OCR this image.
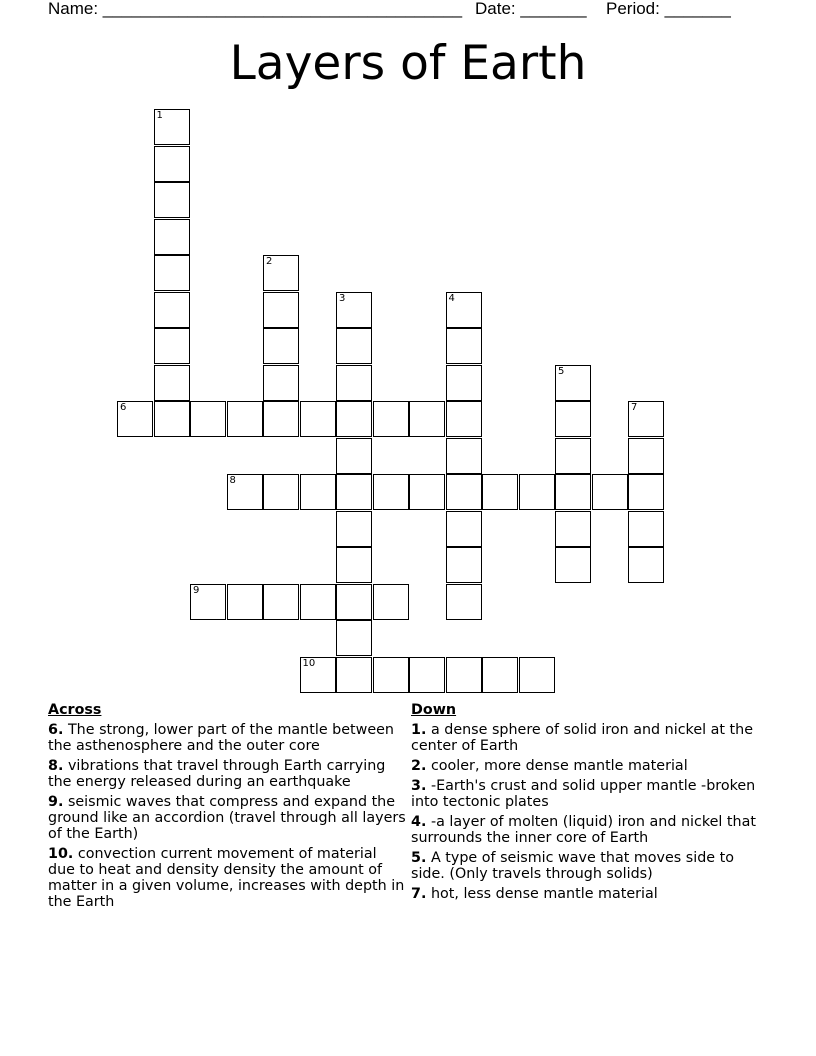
Name: ______________________________________ Date: _______ Period: _______
Layers of Earth
1
2
3	4
5
7
6
8
9
10
Across
6. The strong, lower part of the mantle between the asthenosphere and the outer core
8. vibrations that travel through Earth carrying the energy released during an earthquake
9. seismic waves that compress and expand the ground like an accordion (travel through all layers of the Earth)
10. convection current movement of material due to heat and density density the amount of matter in a given volume, increases with depth in the Earth
Down
1. a dense sphere of solid iron and nickel at the center of Earth
2. cooler, more dense mantle material
3. -Earth's crust and solid upper mantle -broken into tectonic plates
4. -a layer of molten (liquid) iron and nickel that surrounds the inner core of Earth
5. A type of seismic wave that moves side to side. (Only travels through solids)
7. hot, less dense mantle material
